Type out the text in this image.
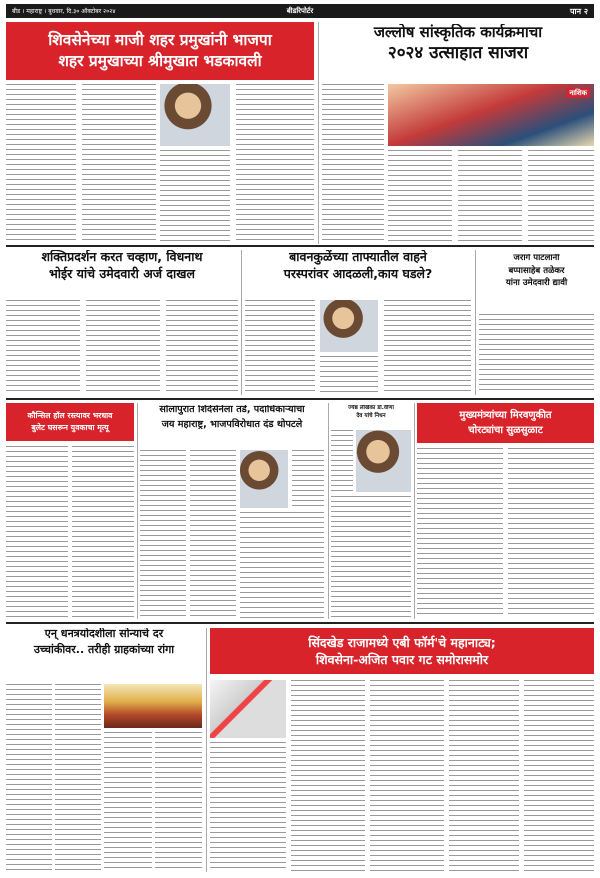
बीड । महाराष्ट्र । बुधवार, दि.३० ऑक्टोबर २०२४	बीडरिपोर्टर	पान २
शिवसेनेच्या माजी शहर प्रमुखांनी भाजपा
शहर प्रमुखाच्या श्रीमुखात भडकावली
जल्लोष सांस्कृतिक कार्यक्रमाचा
२०२४ उत्साहात साजरा
नाशिक
शक्तिप्रदर्शन करत चव्हाण, विधनाथ
भोईर यांचे उमेदवारी अर्ज दाखल
बावनकुळेंच्या ताफ्यातील वाहने
परस्परांवर आदळली,काय घडले?
जरांगे पाटलांनी
बप्पासाहेब तळेकर
यांना उमेदवारी द्यावी
कौन्सिल हॉल रस्त्यावर भरधाव
बुलेट घसरून युवकाचा मृत्यू
सोलापुरात शिंदेसेनेला तडे, पदाधिकाऱ्यांचा
जय महाराष्ट्र, भाजपविरोधात दंड थोपटले
ज्येष्ठ लेखिका डॉ.वीणा
देव यांचे निधन	मुख्यमंत्र्यांच्या मिरवणुकीत
चोरट्यांचा सुळसुळाट
एन् धनत्रयोदशीला सोन्याचे दर
उच्चांकीवर.. तरीही ग्राहकांच्या रांगा
सिंदखेड राजामध्ये एबी फॉर्म'चे महानाट्य;
शिवसेना-अजित पवार गट समोरासमोर
